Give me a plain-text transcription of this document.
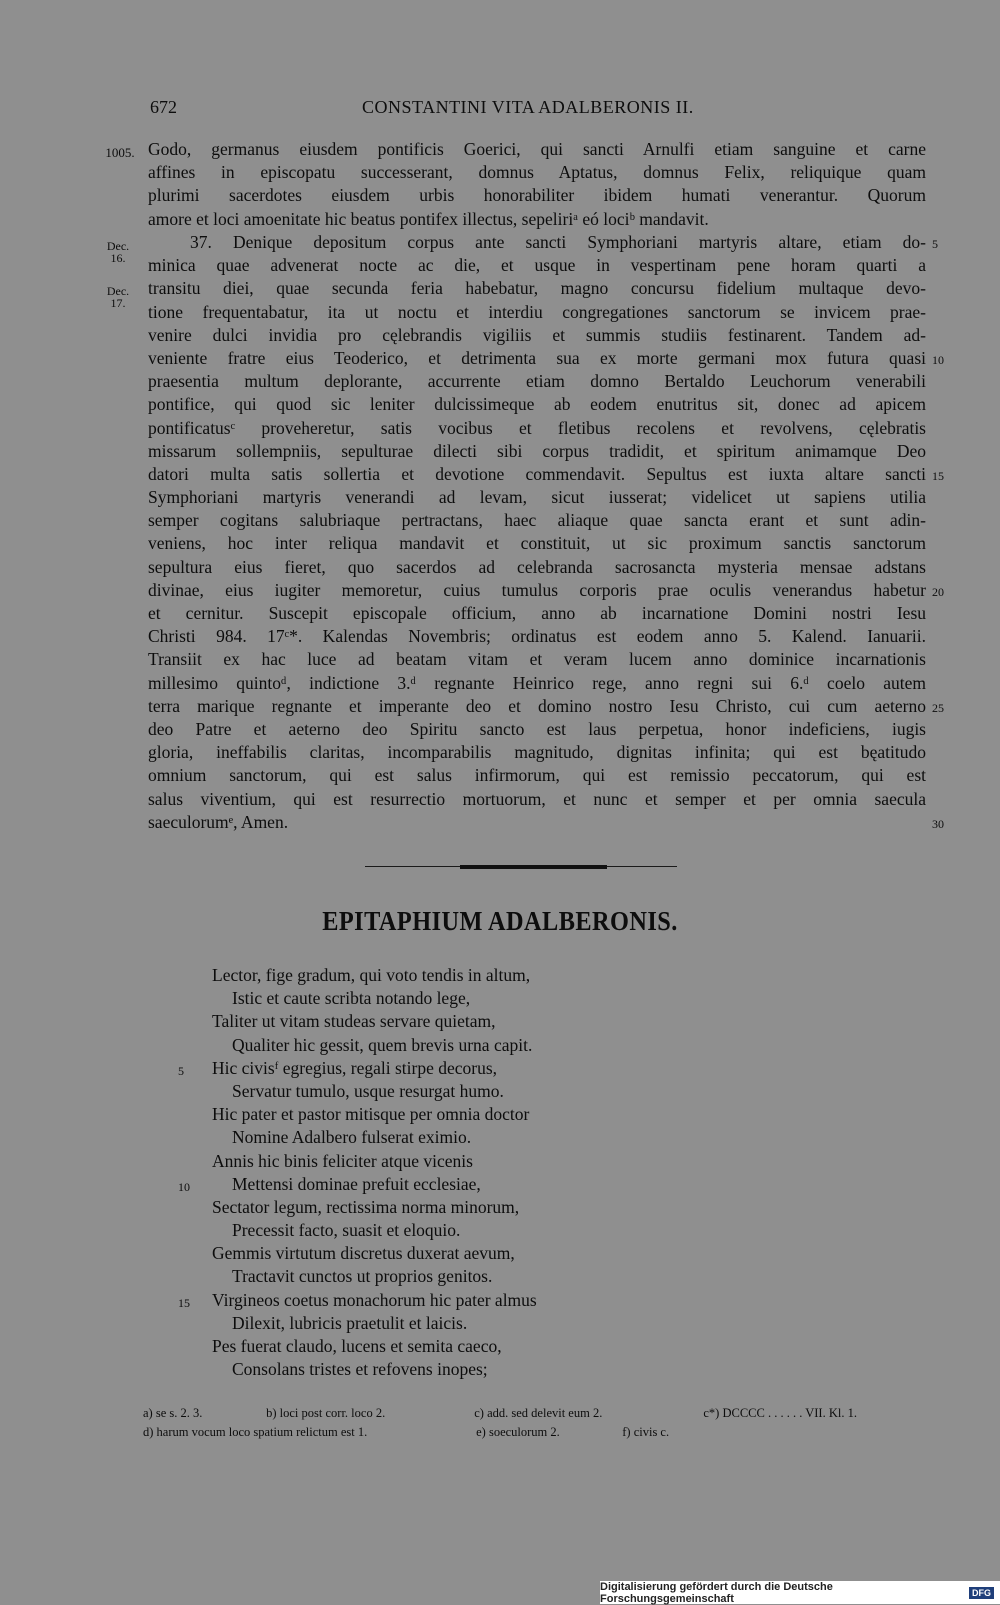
672	CONSTANTINI VITA ADALBERONIS II.
1005.
Dec. 16.
Dec. 17.
Godo, germanus eiusdem pontificis Goerici, qui sancti Arnulfi etiam sanguine et carne
affines in episcopatu successerant, domnus Aptatus, domnus Felix, reliquique quam
plurimi sacerdotes eiusdem urbis honorabiliter ibidem humati venerantur. Quorum
amore et loci amoenitate hic beatus pontifex illectus, sepeliriᵃ eó lociᵇ mandavit.
37. Denique depositum corpus ante sancti Symphoriani martyris altare, etiam do-
minica quae advenerat nocte ac die, et usque in vespertinam pene horam quarti a
transitu diei, quae secunda feria habebatur, magno concursu fidelium multaque devo-
tione frequentabatur, ita ut noctu et interdiu congregationes sanctorum se invicem prae-
venire dulci invidia pro cęlebrandis vigiliis et summis studiis festinarent. Tandem ad-
veniente fratre eius Teoderico, et detrimenta sua ex morte germani mox futura quasi
praesentia multum deplorante, accurrente etiam domno Bertaldo Leuchorum venerabili
pontifice, qui quod sic leniter dulcissimeque ab eodem enutritus sit, donec ad apicem
pontificatusᶜ proveheretur, satis vocibus et fletibus recolens et revolvens, cęlebratis
missarum sollempniis, sepulturae dilecti sibi corpus tradidit, et spiritum animamque Deo
datori multa satis sollertia et devotione commendavit. Sepultus est iuxta altare sancti
Symphoriani martyris venerandi ad levam, sicut iusserat; videlicet ut sapiens utilia
semper cogitans salubriaque pertractans, haec aliaque quae sancta erant et sunt adin-
veniens, hoc inter reliqua mandavit et constituit, ut sic proximum sanctis sanctorum
sepultura eius fieret, quo sacerdos ad celebranda sacrosancta mysteria mensae adstans
divinae, eius iugiter memoretur, cuius tumulus corporis prae oculis venerandus habetur
et cernitur. Suscepit episcopale officium, anno ab incarnatione Domini nostri Iesu
Christi 984. 17ᶜ*. Kalendas Novembris; ordinatus est eodem anno 5. Kalend. Ianuarii.
Transiit ex hac luce ad beatam vitam et veram lucem anno dominice incarnationis
millesimo quintoᵈ, indictione 3.ᵈ regnante Heinrico rege, anno regni sui 6.ᵈ coelo autem
terra marique regnante et imperante deo et domino nostro Iesu Christo, cui cum aeterno
deo Patre et aeterno deo Spiritu sancto est laus perpetua, honor indeficiens, iugis
gloria, ineffabilis claritas, incomparabilis magnitudo, dignitas infinita; qui est bęatitudo
omnium sanctorum, qui est salus infirmorum, qui est remissio peccatorum, qui est
salus viventium, qui est resurrectio mortuorum, et nunc et semper et per omnia saecula
saeculorumᵉ, Amen.
5
10
15
20
25
30
EPITAPHIUM ADALBERONIS.
Lector, fige gradum, qui voto tendis in altum,
Istic et caute scribta notando lege,
Taliter ut vitam studeas servare quietam,
Qualiter hic gessit, quem brevis urna capit.
Hic civisᶠ egregius, regali stirpe decorus,
Servatur tumulo, usque resurgat humo.
Hic pater et pastor mitisque per omnia doctor
Nomine Adalbero fulserat eximio.
Annis hic binis feliciter atque vicenis
Mettensi dominae prefuit ecclesiae,
Sectator legum, rectissima norma minorum,
Precessit facto, suasit et eloquio.
Gemmis virtutum discretus duxerat aevum,
Tractavit cunctos ut proprios genitos.
Virgineos coetus monachorum hic pater almus
Dilexit, lubricis praetulit et laicis.
Pes fuerat claudo, lucens et semita caeco,
Consolans tristes et refovens inopes;
5
10
15
a) se s. 2. 3.	b) loci post corr. loco 2.	c) add. sed delevit eum 2.	c*) DCCCC . . . . . . VII. Kl. 1.
d) harum vocum loco spatium relictum est 1.	e) soeculorum 2.	f) civis c.
Digitalisierung gefördert durch die Deutsche Forschungsgemeinschaft	DFG
